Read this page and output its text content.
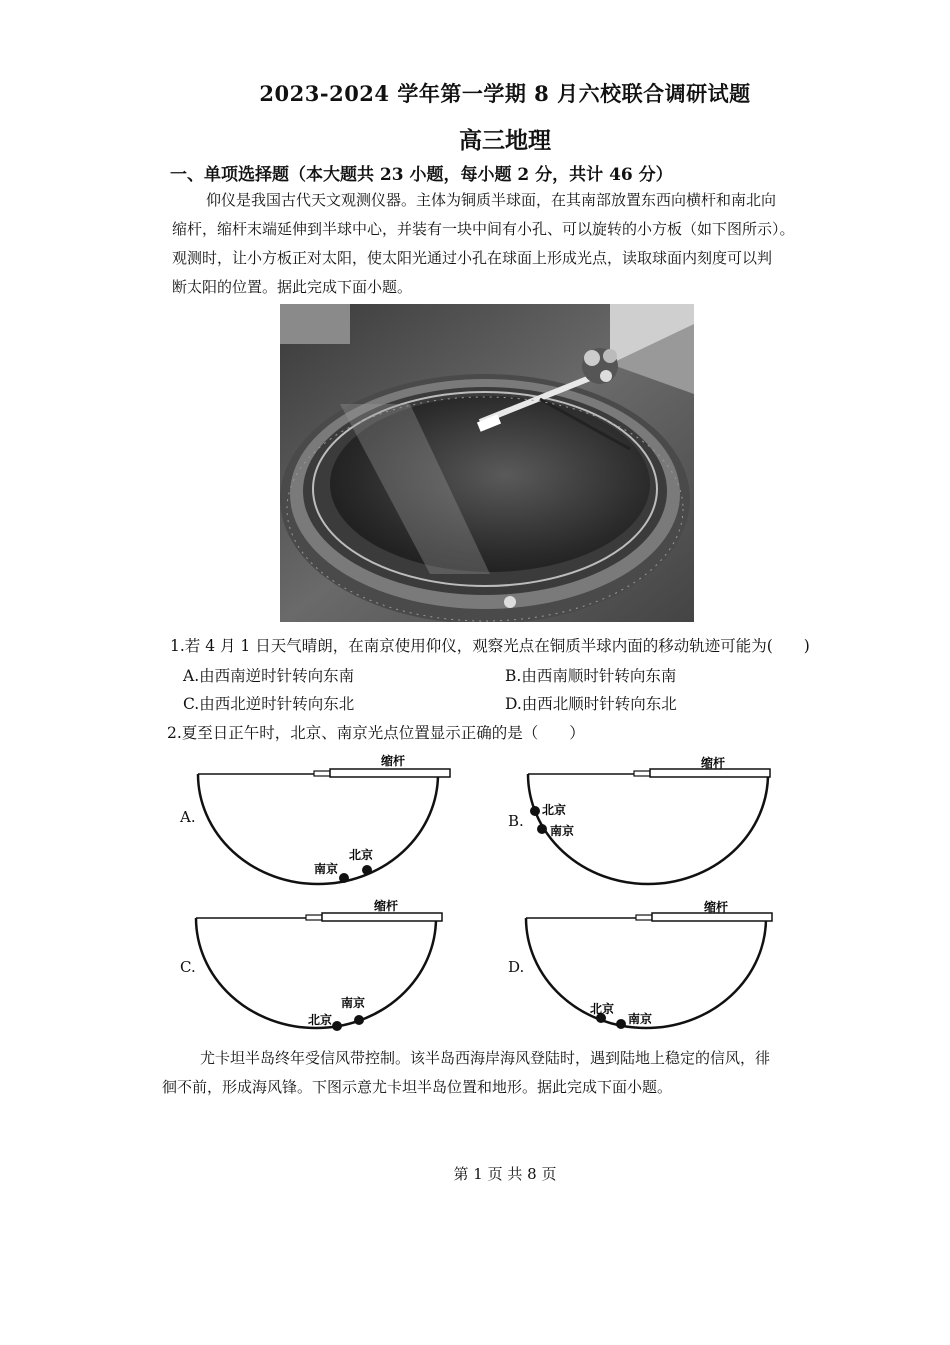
2023-2024 学年第一学期 8 月六校联合调研试题
高三地理
一、单项选择题（本大题共 23 小题，每小题 2 分，共计 46 分）
仰仪是我国古代天文观测仪器。主体为铜质半球面，在其南部放置东西向横杆和南北向
缩杆，缩杆末端延伸到半球中心，并装有一块中间有小孔、可以旋转的小方板（如下图所示）。
观测时，让小方板正对太阳，使太阳光通过小孔在球面上形成光点，读取球面内刻度可以判
断太阳的位置。据此完成下面小题。
1.若 4 月 1 日天气晴朗，在南京使用仰仪，观察光点在铜质半球内面的移动轨迹可能为(　　)
A.由西南逆时针转向东南	B.由西南顺时针转向东南
C.由西北逆时针转向东北	D.由西北顺时针转向东北
2.夏至日正午时，北京、南京光点位置显示正确的是（　　）
A.
缩杆
南京
北京
B.
缩杆
北京
南京
C.
缩杆
北京
南京
D.
缩杆
北京
南京
尤卡坦半岛终年受信风带控制。该半岛西海岸海风登陆时，遇到陆地上稳定的信风，徘
徊不前，形成海风锋。下图示意尤卡坦半岛位置和地形。据此完成下面小题。
第 1 页 共 8 页
